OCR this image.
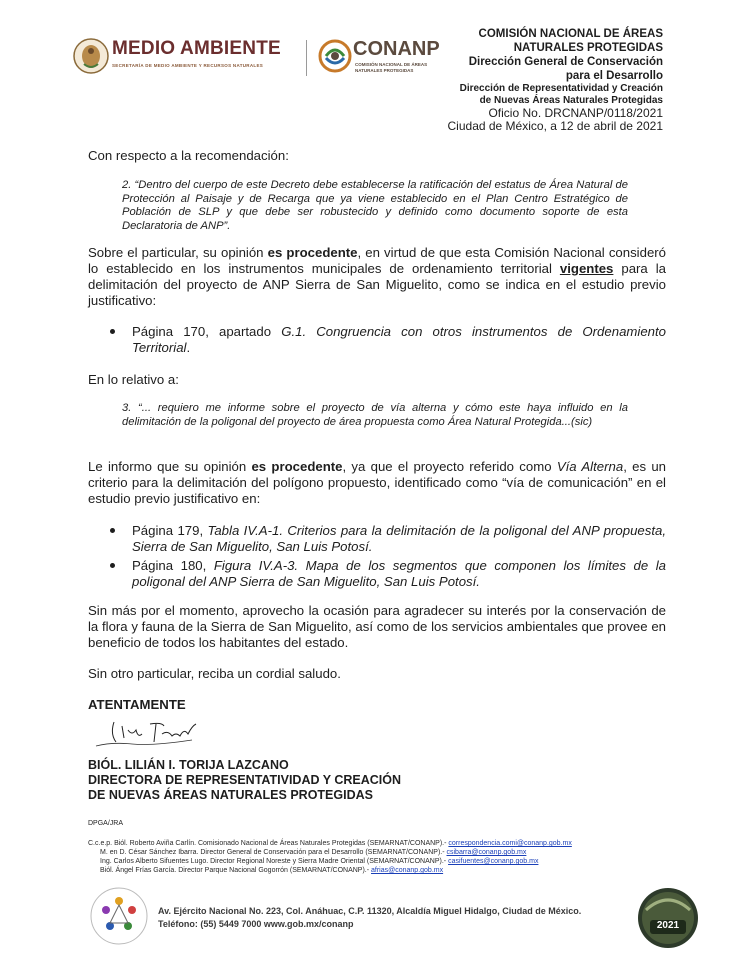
MEDIO AMBIENTE
SECRETARÍA DE MEDIO AMBIENTE Y RECURSOS NATURALES
CONANP
COMISIÓN NACIONAL DE ÁREAS
NATURALES PROTEGIDAS
COMISIÓN NACIONAL DE ÁREAS
NATURALES PROTEGIDAS
Dirección General de Conservación
para el Desarrollo
Dirección de Representatividad y Creación
de Nuevas Áreas Naturales Protegidas
Oficio No. DRCNANP/0118/2021
Ciudad de México, a 12 de abril de 2021
Con respecto a la recomendación:
2. “Dentro del cuerpo de este Decreto debe establecerse la ratificación del estatus de Área Natural de Protección al Paisaje y de Recarga que ya viene establecido en el Plan Centro Estratégico de Población de SLP y que debe ser robustecido y definido como documento soporte de esta Declaratoria de ANP”.
Sobre el particular, su opinión es procedente, en virtud de que esta Comisión Nacional consideró lo establecido en los instrumentos municipales de ordenamiento territorial vigentes para la delimitación del proyecto de ANP Sierra de San Miguelito, como se indica en el estudio previo justificativo:
Página 170, apartado G.1. Congruencia con otros instrumentos de Ordenamiento Territorial.
En lo relativo a:
3. “... requiero me informe sobre el proyecto de vía alterna y cómo este haya influido en la delimitación de la poligonal del proyecto de área propuesta como Área Natural Protegida...(sic)
Le informo que su opinión es procedente, ya que el proyecto referido como Vía Alterna, es un criterio para la delimitación del polígono propuesto, identificado como “vía de comunicación” en el estudio previo justificativo en:
Página 179, Tabla IV.A-1. Criterios para la delimitación de la poligonal del ANP propuesta, Sierra de San Miguelito, San Luis Potosí.
Página 180, Figura IV.A-3. Mapa de los segmentos que componen los límites de la poligonal del ANP Sierra de San Miguelito, San Luis Potosí.
Sin más por el momento, aprovecho la ocasión para agradecer su interés por la conservación de la flora y fauna de la Sierra de San Miguelito, así como de los servicios ambientales que provee en beneficio de todos los habitantes del estado.
Sin otro particular, reciba un cordial saludo.
ATENTAMENTE
BIÓL. LILIÁN I. TORIJA LAZCANO
DIRECTORA DE REPRESENTATIVIDAD Y CREACIÓN
DE NUEVAS ÁREAS NATURALES PROTEGIDAS
DPGA/JRA
C.c.e.p. Biól. Roberto Aviña Carlín. Comisionado Nacional de Áreas Naturales Protegidas (SEMARNAT/CONANP).- correspondencia.comi@conanp.gob.mx
M. en D. César Sánchez Ibarra. Director General de Conservación para el Desarrollo (SEMARNAT/CONANP).- csibarra@conanp.gob.mx
Ing. Carlos Alberto Sifuentes Lugo. Director Regional Noreste y Sierra Madre Oriental (SEMARNAT/CONANP).- casifuentes@conanp.gob.mx
Biól. Ángel Frías García. Director Parque Nacional Gogorrón (SEMARNAT/CONANP).- afrias@conanp.gob.mx
Av. Ejército Nacional No. 223, Col. Anáhuac, C.P. 11320, Alcaldía Miguel Hidalgo, Ciudad de México.
Teléfono: (55) 5449 7000 www.gob.mx/conanp	2021
